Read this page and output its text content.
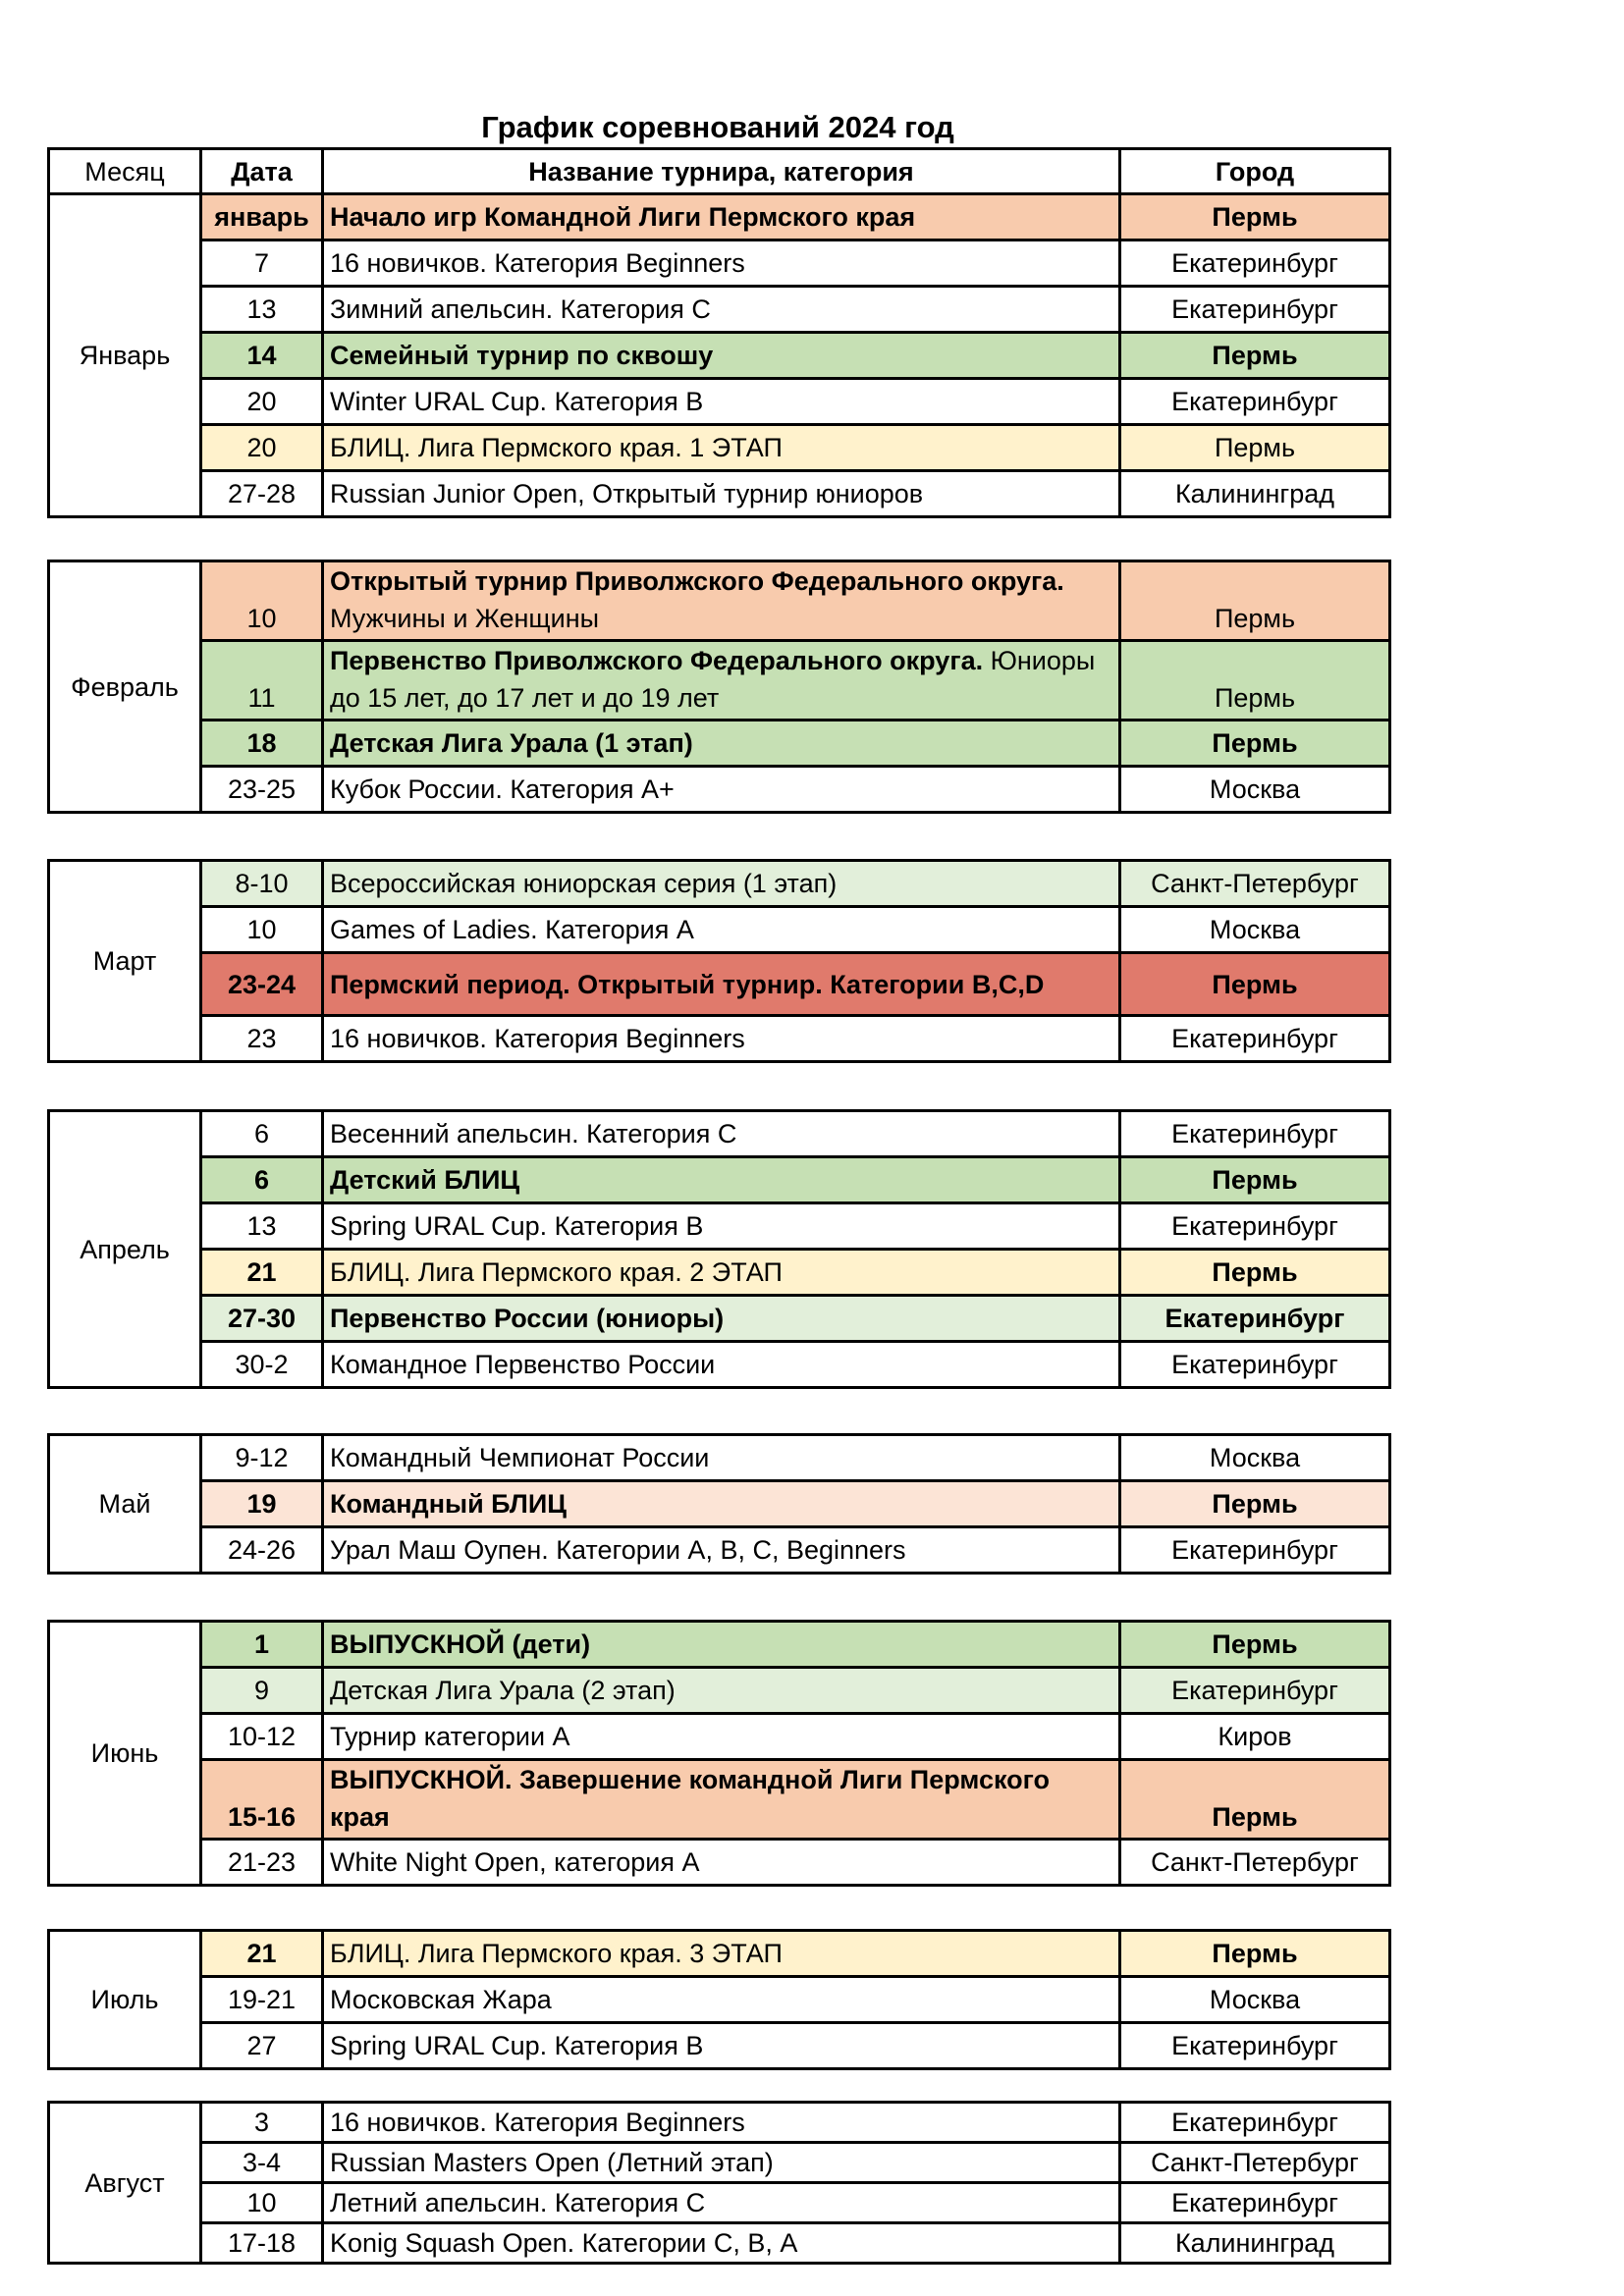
График соревнований 2024 год
Месяц	Дата	Название турнира, категория	Город
Январь	январь	Начало игр Командной Лиги Пермского края	Пермь
	7	16 новичков. Категория Beginners	Екатеринбург
	13	Зимний апельсин. Категория С	Екатеринбург
	14	Семейный турнир по сквошу	Пермь
	20	Winter URAL Cup. Категория В	Екатеринбург
	20	БЛИЦ. Лига Пермского края. 1 ЭТАП	Пермь
	27-28	Russian Junior Open, Открытый турнир юниоров	Калининград
Февраль	10	Открытый турнир Приволжского Федерального округа. Мужчины и Женщины	Пермь
	11	Первенство Приволжского Федерального округа. Юниоры до 15 лет, до 17 лет и до 19 лет	Пермь
	18	Детская Лига Урала (1 этап)	Пермь
	23-25	Кубок России. Категория А+	Москва
Март	8-10	Всероссийская юниорская серия (1 этап)	Санкт-Петербург
	10	Games of Ladies. Категория А	Москва
	23-24	Пермский период. Открытый турнир. Категории В,С,D	Пермь
	23	16 новичков. Категория Beginners	Екатеринбург
Апрель	6	Весенний апельсин. Категория С	Екатеринбург
	6	Детский БЛИЦ	Пермь
	13	Spring URAL Cup. Категория В	Екатеринбург
	21	БЛИЦ. Лига Пермского края. 2 ЭТАП	Пермь
	27-30	Первенство России (юниоры)	Екатеринбург
	30-2	Командное Первенство России	Екатеринбург
Май	9-12	Командный Чемпионат России	Москва
	19	Командный БЛИЦ	Пермь
	24-26	Урал Маш Оупен. Категории А, В, С, Beginners	Екатеринбург
Июнь	1	ВЫПУСКНОЙ (дети)	Пермь
	9	Детская Лига Урала (2 этап)	Екатеринбург
	10-12	Турнир категории А	Киров
	15-16	ВЫПУСКНОЙ. Завершение командной Лиги Пермского края	Пермь
	21-23	White Night Open, категория А	Санкт-Петербург
Июль	21	БЛИЦ. Лига Пермского края. 3 ЭТАП	Пермь
	19-21	Московская Жара	Москва
	27	Spring URAL Cup. Категория В	Екатеринбург
Август	3	16 новичков. Категория Beginners	Екатеринбург
	3-4	Russian Masters Open (Летний этап)	Санкт-Петербург
	10	Летний апельсин. Категория С	Екатеринбург
	17-18	Konig Squash Open. Категории С, В, А	Калининград
